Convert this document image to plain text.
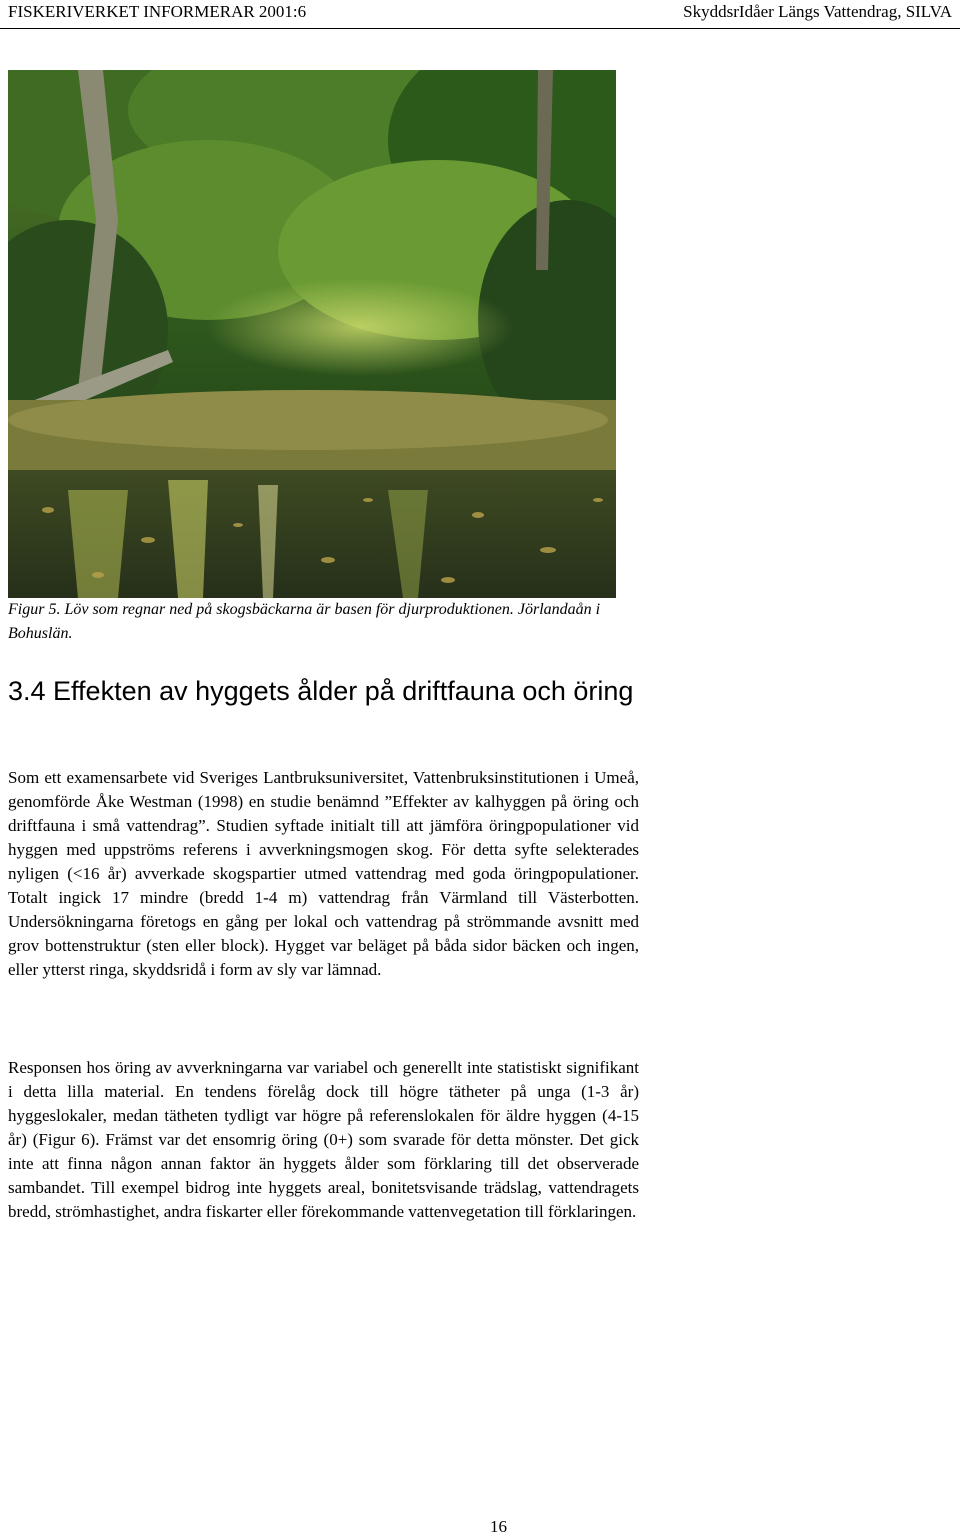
FISKERIVERKET INFORMERAR 2001:6	SkyddsrIdåer Längs Vattendrag, SILVA
Figur 5. Löv som regnar ned på skogsbäckarna är basen för djurproduktionen. Jörlandaån i Bohuslän.
3.4 Effekten av hyggets ålder på driftfauna och öring

Som ett examensarbete vid Sveriges Lantbruksuniversitet, Vattenbruksinstitutionen i Umeå, genomförde Åke Westman (1998) en studie benämnd ”Effekter av kalhyggen på öring och driftfauna i små vattendrag”. Studien syftade initialt till att jämföra öringpopulationer vid hyggen med uppströms referens i avverkningsmogen skog. För detta syfte selekterades nyligen (<16 år) avverkade skogspartier utmed vattendrag med goda öringpopulationer. Totalt ingick 17 mindre (bredd 1-4 m) vattendrag från Värmland till Västerbotten. Undersökningarna företogs en gång per lokal och vattendrag på strömmande avsnitt med grov bottenstruktur (sten eller block). Hygget var beläget på båda sidor bäcken och ingen, eller ytterst ringa, skyddsridå i form av sly var lämnad.

Responsen hos öring av avverkningarna var variabel och generellt inte statistiskt signifikant i detta lilla material. En tendens förelåg dock till högre tätheter på unga (1-3 år) hyggeslokaler, medan tätheten tydligt var högre på referenslokalen för äldre hyggen (4-15 år) (Figur 6). Främst var det ensomrig öring (0+) som svarade för detta mönster. Det gick inte att finna någon annan faktor än hyggets ålder som förklaring till det observerade sambandet. Till exempel bidrog inte hyggets areal, bonitetsvisande trädslag, vattendragets bredd, strömhastighet, andra fiskarter eller förekommande vattenvegetation till förklaringen.

16
